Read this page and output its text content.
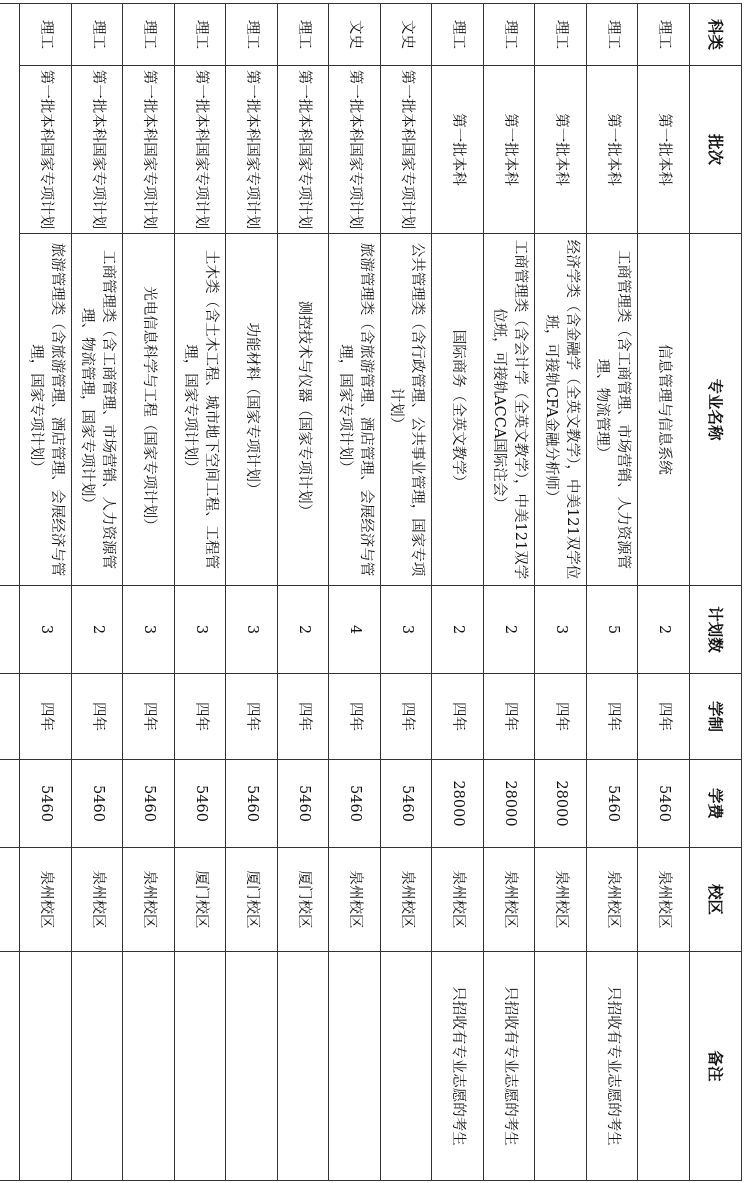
科类	批次	专业名称	计划数	学制	学费	校区	备注
理工	第一批本科	信息管理与信息系统	2	四年	5460	泉州校区	
理工	第一批本科	工商管理类（含工商管理、市场营销、人力资源管理、物流管理）	5	四年	5460	泉州校区	只招收有专业志愿的考生
理工	第一批本科	经济学类（含金融学（全英文教学），中美121双学位班，可接轨CFA金融分析师）	3	四年	28000	泉州校区	
理工	第一批本科	工商管理类（含会计学（全英文教学），中美121双学位班，可接轨ACCA国际注会）	2	四年	28000	泉州校区	只招收有专业志愿的考生
理工	第一批本科	国际商务（全英文教学）	2	四年	28000	泉州校区	只招收有专业志愿的考生
文史	第一批本科国家专项计划	公共管理类（含行政管理、公共事业管理，国家专项计划）	3	四年	5460	泉州校区	
文史	第一批本科国家专项计划	旅游管理类（含旅游管理、酒店管理、会展经济与管理，国家专项计划）	4	四年	5460	泉州校区	
理工	第一批本科国家专项计划	测控技术与仪器（国家专项计划）	2	四年	5460	厦门校区	
理工	第一批本科国家专项计划	功能材料（国家专项计划）	3	四年	5460	厦门校区	
理工	第一批本科国家专项计划	土木类（含土木工程、城市地下空间工程、工程管理，国家专项计划）	3	四年	5460	厦门校区	
理工	第一批本科国家专项计划	光电信息科学与工程（国家专项计划）	3	四年	5460	泉州校区	
理工	第一批本科国家专项计划	工商管理类（含工商管理、市场营销、人力资源管理、物流管理，国家专项计划）	2	四年	5460	泉州校区	
理工	第一批本科国家专项计划	旅游管理类（含旅游管理、酒店管理、会展经济与管理，国家专项计划）	3	四年	5460	泉州校区	
